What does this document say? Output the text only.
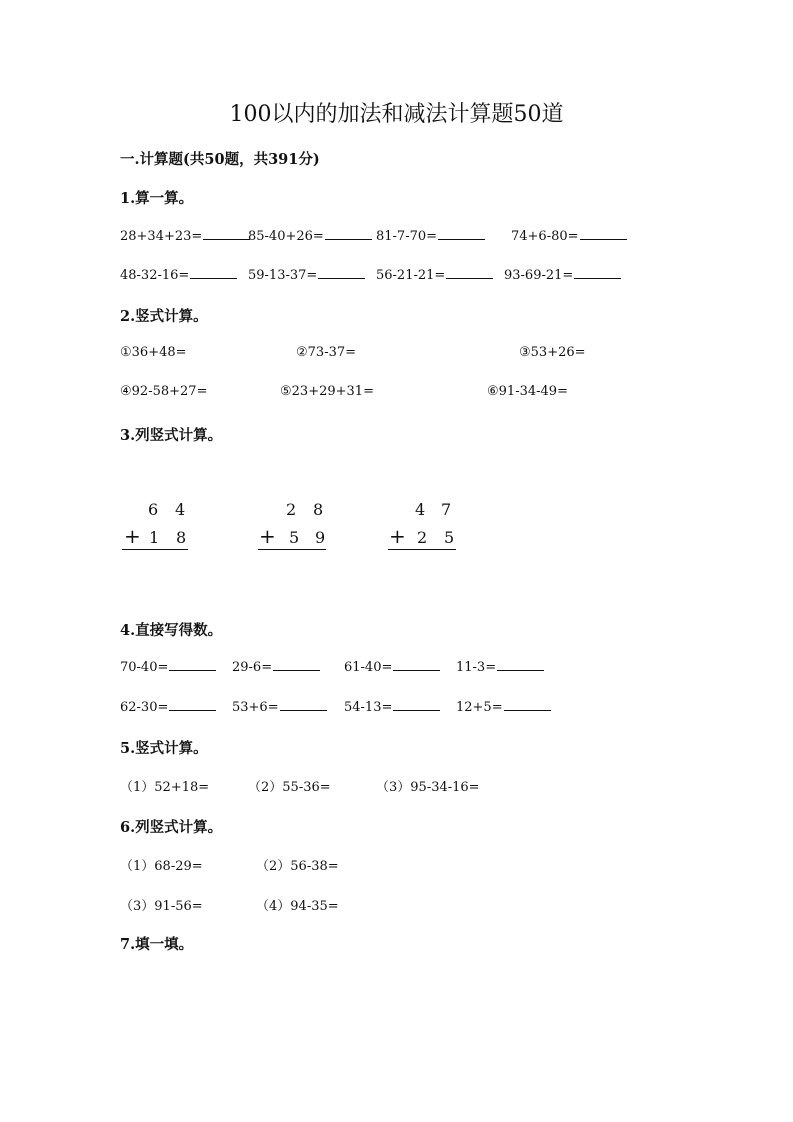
100以内的加法和减法计算题50道
一.计算题(共50题，共391分)
1.算一算。
28+34+23=	85-40+26=	81-7-70=	74+6-80=
48-32-16=	59-13-37=	56-21-21=	93-69-21=
2.竖式计算。
①36+48=	②73-37=	③53+26=
④92-58+27=	⑤23+29+31=	⑥91-34-49=
3.列竖式计算。
6 4
+ 1 8
2 8
+ 5 9
4 7
+ 2 5
4.直接写得数。
70-40=	29-6=	61-40=	11-3=
62-30=	53+6=	54-13=	12+5=
5.竖式计算。
（1）52+18=	（2）55-36=	（3）95-34-16=
6.列竖式计算。
（1）68-29=	（2）56-38=
（3）91-56=	（4）94-35=
7.填一填。
